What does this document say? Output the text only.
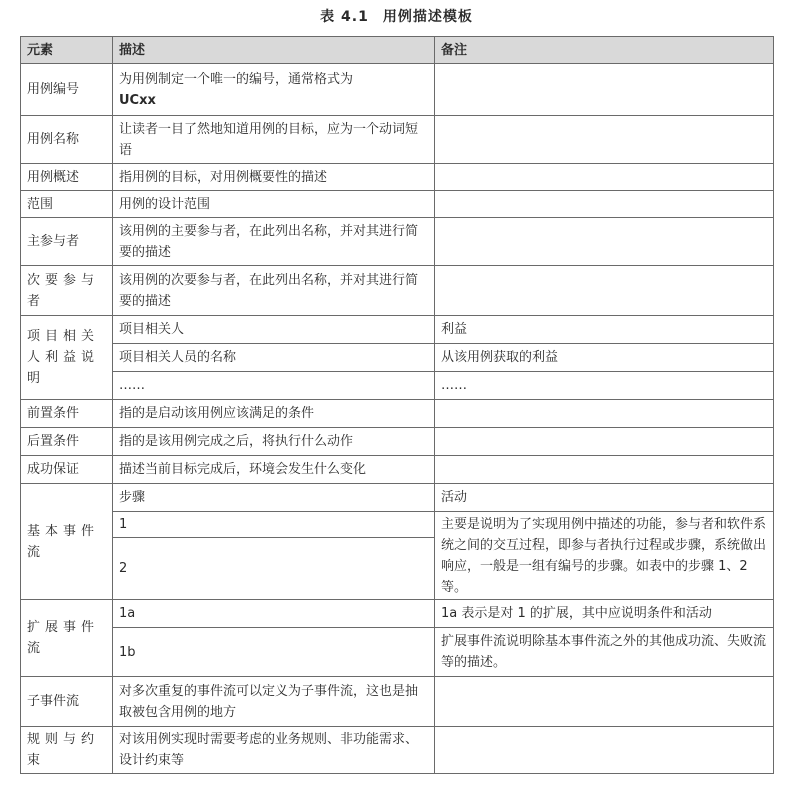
表 4.1 用例描述模板
元素	描述	备注
用例编号	为用例制定一个唯一的编号，通常格式为
UCxx	
用例名称	让读者一目了然地知道用例的目标，应为一个动词短语	
用例概述	指用例的目标，对用例概要性的描述	
范围	用例的设计范围	
主参与者	该用例的主要参与者，在此列出名称，并对其进行简要的描述	
次要参与者	该用例的次要参与者，在此列出名称，并对其进行简要的描述	
项目相关人利益说明	项目相关人	利益
	项目相关人员的名称	从该用例获取的利益
	……	……
前置条件	指的是启动该用例应该满足的条件	
后置条件	指的是该用例完成之后，将执行什么动作	
成功保证	描述当前目标完成后，环境会发生什么变化	
基本事件流	步骤	活动
	1	主要是说明为了实现用例中描述的功能，参与者和软件系统之间的交互过程，即参与者执行过程或步骤，系统做出响应，一般是一组有编号的步骤。如表中的步骤 1、2 等。
	2	
扩展事件流	1a	1a 表示是对 1 的扩展，其中应说明条件和活动
	1b	扩展事件流说明除基本事件流之外的其他成功流、失败流等的描述。
子事件流	对多次重复的事件流可以定义为子事件流，这也是抽取被包含用例的地方	
规则与约束	对该用例实现时需要考虑的业务规则、非功能需求、设计约束等	
